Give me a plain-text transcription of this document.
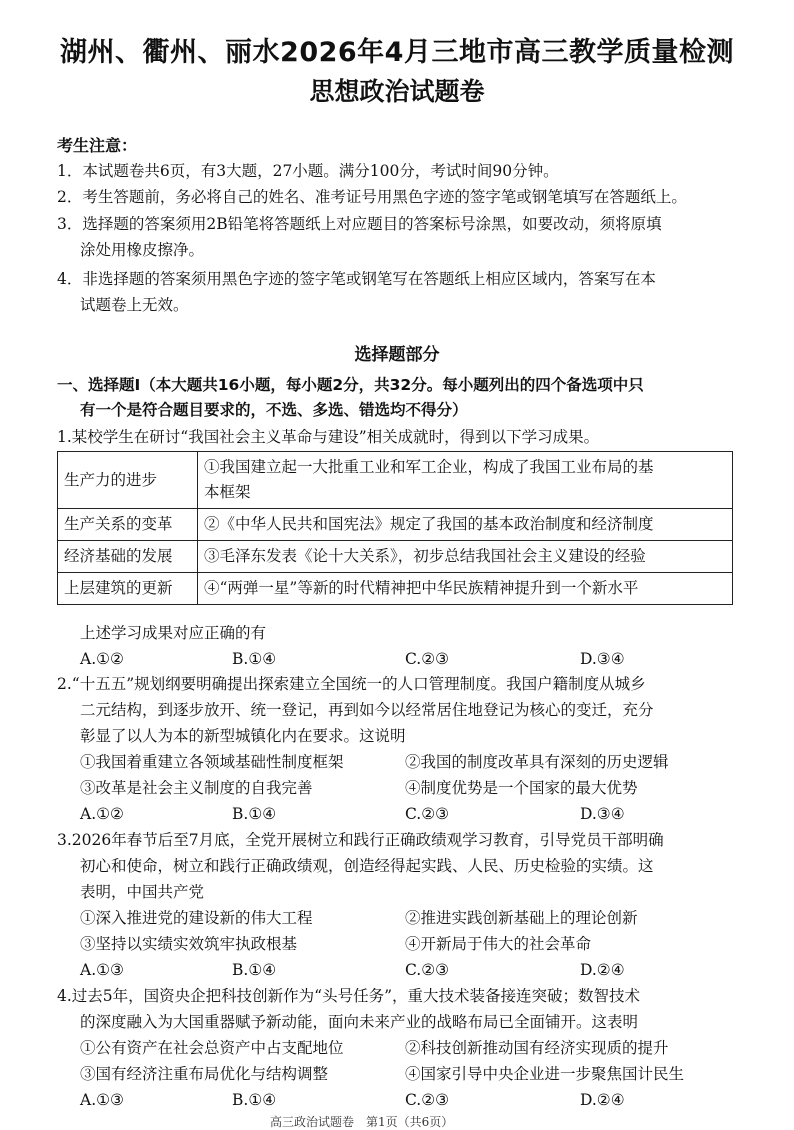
湖州、衢州、丽水2026年4月三地市高三教学质量检测
思想政治试题卷
考生注意：
1．本试题卷共6页，有3大题，27小题。满分100分，考试时间90分钟。
2．考生答题前，务必将自己的姓名、准考证号用黑色字迹的签字笔或钢笔填写在答题纸上。
3．选择题的答案须用2B铅笔将答题纸上对应题目的答案标号涂黑，如要改动，须将原填
涂处用橡皮擦净。
4．非选择题的答案须用黑色字迹的签字笔或钢笔写在答题纸上相应区域内，答案写在本
试题卷上无效。
选择题部分
一、选择题Ⅰ（本大题共16小题，每小题2分，共32分。每小题列出的四个备选项中只
有一个是符合题目要求的，不选、多选、错选均不得分）
1.某校学生在研讨“我国社会主义革命与建设”相关成就时，得到以下学习成果。
生产力的进步	①我国建立起一大批重工业和军工企业，构成了我国工业布局的基
本框架

生产关系的变革	②《中华人民共和国宪法》规定了我国的基本政治制度和经济制度
经济基础的发展	③毛泽东发表《论十大关系》，初步总结我国社会主义建设的经验
上层建筑的更新	④“两弹一星”等新的时代精神把中华民族精神提升到一个新水平
上述学习成果对应正确的有
A.①②	B.①④	C.②③	D.③④
2.“十五五”规划纲要明确提出探索建立全国统一的人口管理制度。我国户籍制度从城乡
二元结构，到逐步放开、统一登记，再到如今以经常居住地登记为核心的变迁，充分
彰显了以人为本的新型城镇化内在要求。这说明
①我国着重建立各领域基础性制度框架	②我国的制度改革具有深刻的历史逻辑
③改革是社会主义制度的自我完善	④制度优势是一个国家的最大优势
A.①②	B.①④	C.②③	D.③④
3.2026年春节后至7月底，全党开展树立和践行正确政绩观学习教育，引导党员干部明确
初心和使命，树立和践行正确政绩观，创造经得起实践、人民、历史检验的实绩。这
表明，中国共产党
①深入推进党的建设新的伟大工程	②推进实践创新基础上的理论创新
③坚持以实绩实效筑牢执政根基	④开新局于伟大的社会革命
A.①③	B.①④	C.②③	D.②④
4.过去5年，国资央企把科技创新作为“头号任务”，重大技术装备接连突破；数智技术
的深度融入为大国重器赋予新动能，面向未来产业的战略布局已全面铺开。这表明
①公有资产在社会总资产中占支配地位	②科技创新推动国有经济实现质的提升
③国有经济注重布局优化与结构调整	④国家引导中央企业进一步聚焦国计民生
A.①③	B.①④	C.②③	D.②④
高三政治试题卷　第1页（共6页）
